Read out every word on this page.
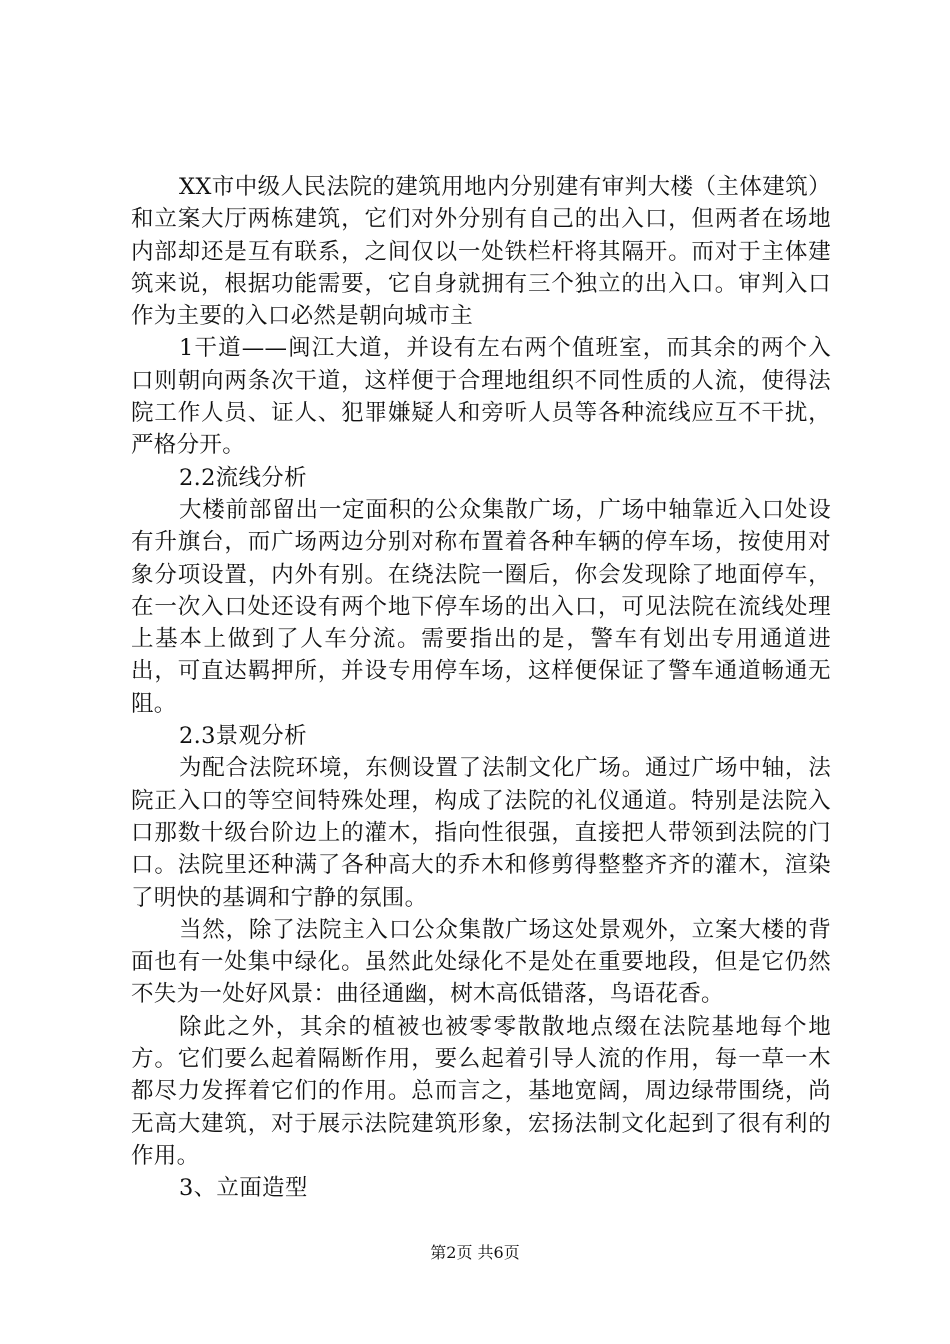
XX市中级人民法院的建筑用地内分别建有审判大楼（主体建筑）和立案大厅两栋建筑，它们对外分别有自己的出入口，但两者在场地内部却还是互有联系，之间仅以一处铁栏杆将其隔开。而对于主体建筑来说，根据功能需要，它自身就拥有三个独立的出入口。审判入口作为主要的入口必然是朝向城市主

1干道——闽江大道，并设有左右两个值班室，而其余的两个入口则朝向两条次干道，这样便于合理地组织不同性质的人流，使得法院工作人员、证人、犯罪嫌疑人和旁听人员等各种流线应互不干扰，严格分开。

2.2流线分析

大楼前部留出一定面积的公众集散广场，广场中轴靠近入口处设有升旗台，而广场两边分别对称布置着各种车辆的停车场，按使用对象分项设置，内外有别。在绕法院一圈后，你会发现除了地面停车，在一次入口处还设有两个地下停车场的出入口，可见法院在流线处理上基本上做到了人车分流。需要指出的是，警车有划出专用通道进出，可直达羁押所，并设专用停车场，这样便保证了警车通道畅通无阻。

2.3景观分析

为配合法院环境，东侧设置了法制文化广场。通过广场中轴，法院正入口的等空间特殊处理，构成了法院的礼仪通道。特别是法院入口那数十级台阶边上的灌木，指向性很强，直接把人带领到法院的门口。法院里还种满了各种高大的乔木和修剪得整整齐齐的灌木，渲染了明快的基调和宁静的氛围。

当然，除了法院主入口公众集散广场这处景观外，立案大楼的背面也有一处集中绿化。虽然此处绿化不是处在重要地段，但是它仍然不失为一处好风景：曲径通幽，树木高低错落，鸟语花香。

除此之外，其余的植被也被零零散散地点缀在法院基地每个地方。它们要么起着隔断作用，要么起着引导人流的作用，每一草一木都尽力发挥着它们的作用。总而言之，基地宽阔，周边绿带围绕，尚无高大建筑，对于展示法院建筑形象，宏扬法制文化起到了很有利的作用。

3、立面造型

第2页 共6页
